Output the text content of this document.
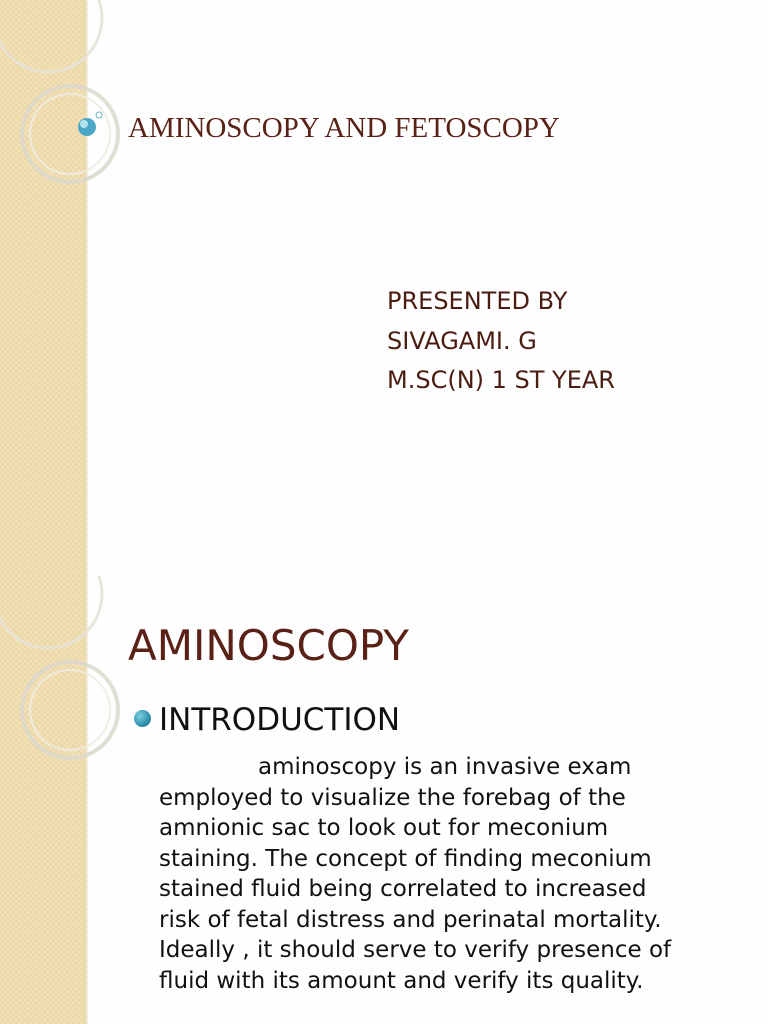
AMINOSCOPY AND FETOSCOPY
PRESENTED BY
SIVAGAMI. G
M.SC(N) 1 ST YEAR
AMINOSCOPY
INTRODUCTION
aminoscopy is an invasive exam
employed to visualize the forebag of the
amnionic sac to look out for meconium
staining. The concept of finding meconium
stained fluid being correlated to increased
risk of fetal distress and perinatal mortality.
Ideally , it should serve to verify presence of
fluid with its amount and verify its quality.
